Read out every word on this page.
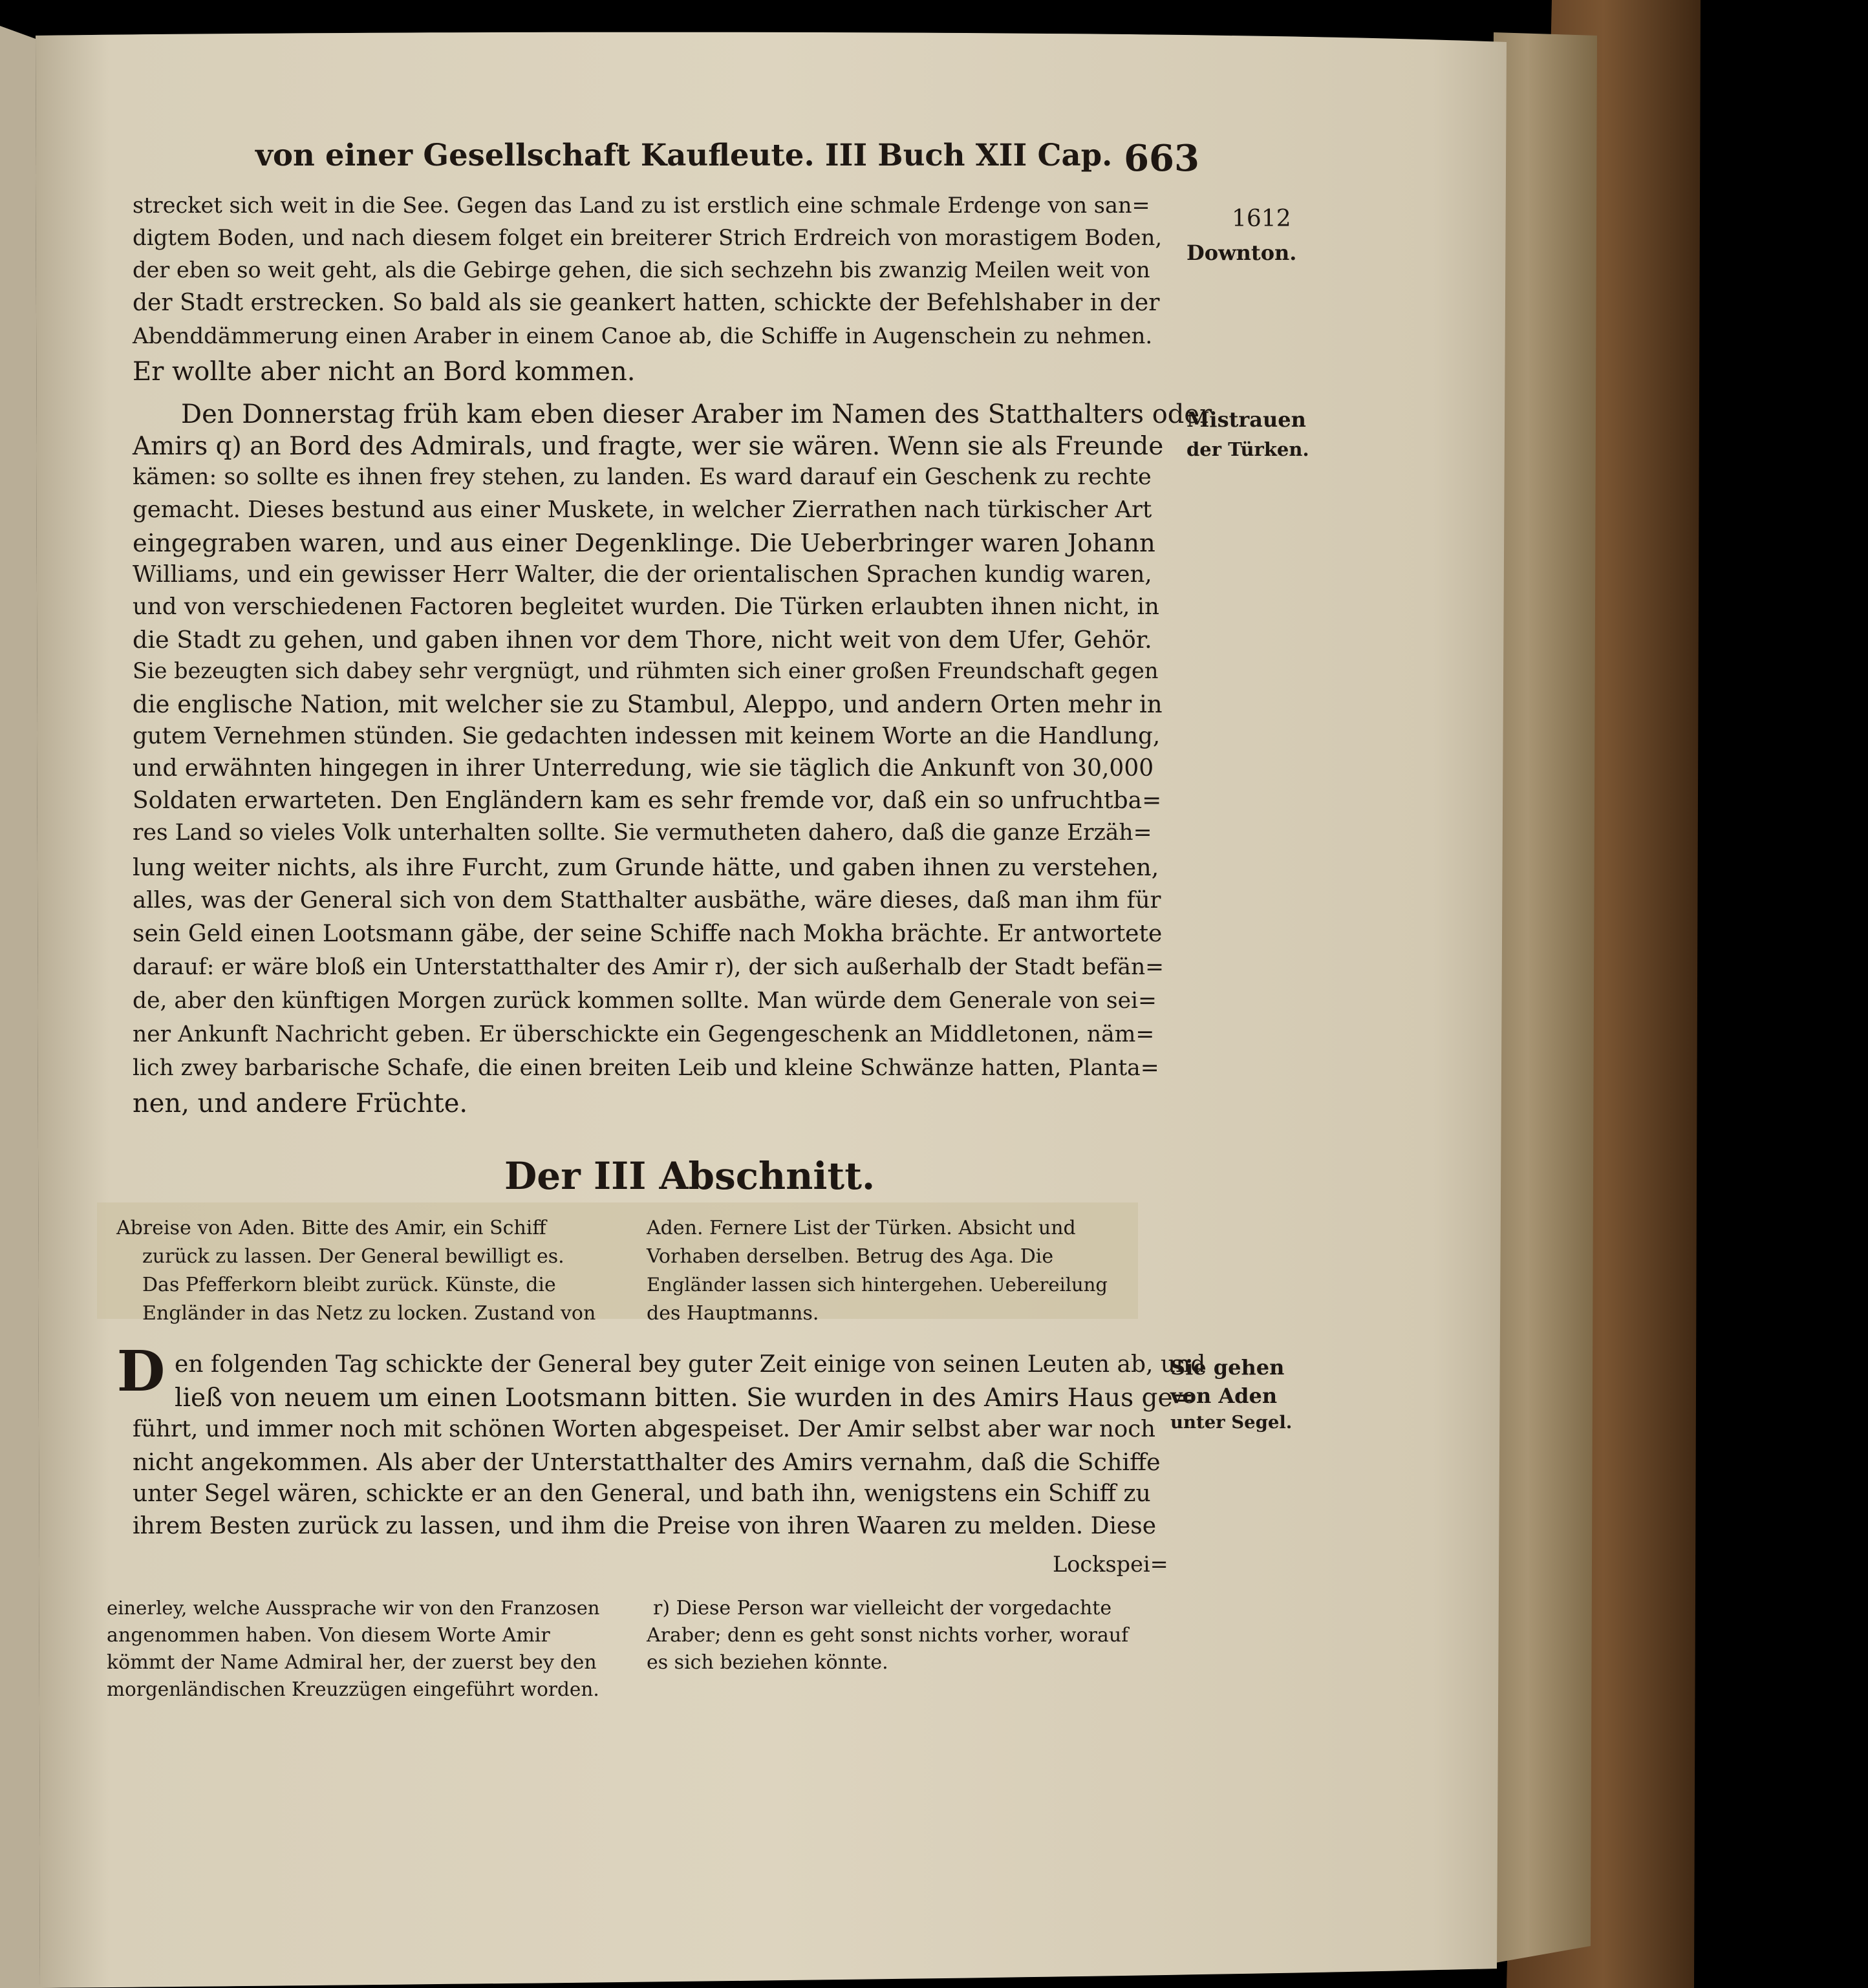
von einer Gesellschaft Kaufleute. III Buch XII Cap. 663
strecket sich weit in die See. Gegen das Land zu ist erstlich eine schmale Erdenge von san=
digtem Boden, und nach diesem folget ein breiterer Strich Erdreich von morastigem Boden,
der eben so weit geht, als die Gebirge gehen, die sich sechzehn bis zwanzig Meilen weit von
der Stadt erstrecken. So bald als sie geankert hatten, schickte der Befehlshaber in der
Abenddämmerung einen Araber in einem Canoe ab, die Schiffe in Augenschein zu nehmen.
Er wollte aber nicht an Bord kommen.
Den Donnerstag früh kam eben dieser Araber im Namen des Statthalters oder
Amirs q) an Bord des Admirals, und fragte, wer sie wären. Wenn sie als Freunde
kämen: so sollte es ihnen frey stehen, zu landen. Es ward darauf ein Geschenk zu rechte
gemacht. Dieses bestund aus einer Muskete, in welcher Zierrathen nach türkischer Art
eingegraben waren, und aus einer Degenklinge. Die Ueberbringer waren Johann
Williams, und ein gewisser Herr Walter, die der orientalischen Sprachen kundig waren,
und von verschiedenen Factoren begleitet wurden. Die Türken erlaubten ihnen nicht, in
die Stadt zu gehen, und gaben ihnen vor dem Thore, nicht weit von dem Ufer, Gehör.
Sie bezeugten sich dabey sehr vergnügt, und rühmten sich einer großen Freundschaft gegen
die englische Nation, mit welcher sie zu Stambul, Aleppo, und andern Orten mehr in
gutem Vernehmen stünden. Sie gedachten indessen mit keinem Worte an die Handlung,
und erwähnten hingegen in ihrer Unterredung, wie sie täglich die Ankunft von 30,000
Soldaten erwarteten. Den Engländern kam es sehr fremde vor, daß ein so unfruchtba=
res Land so vieles Volk unterhalten sollte. Sie vermutheten dahero, daß die ganze Erzäh=
lung weiter nichts, als ihre Furcht, zum Grunde hätte, und gaben ihnen zu verstehen,
alles, was der General sich von dem Statthalter ausbäthe, wäre dieses, daß man ihm für
sein Geld einen Lootsmann gäbe, der seine Schiffe nach Mokha brächte. Er antwortete
darauf: er wäre bloß ein Unterstatthalter des Amir r), der sich außerhalb der Stadt befän=
de, aber den künftigen Morgen zurück kommen sollte. Man würde dem Generale von sei=
ner Ankunft Nachricht geben. Er überschickte ein Gegengeschenk an Middletonen, näm=
lich zwey barbarische Schafe, die einen breiten Leib und kleine Schwänze hatten, Planta=
nen, und andere Früchte.
1612
Downton.
Mistrauen
der Türken.
Sie gehen
von Aden
unter Segel.
Der III Abschnitt.
Abreise von Aden. Bitte des Amir, ein Schiff
zurück zu lassen. Der General bewilligt es.
Das Pfefferkorn bleibt zurück. Künste, die
Engländer in das Netz zu locken. Zustand von
Aden. Fernere List der Türken. Absicht und
Vorhaben derselben. Betrug des Aga. Die
Engländer lassen sich hintergehen. Uebereilung
des Hauptmanns.
D en folgenden Tag schickte der General bey guter Zeit einige von seinen Leuten ab, und
ließ von neuem um einen Lootsmann bitten. Sie wurden in des Amirs Haus ge=
führt, und immer noch mit schönen Worten abgespeiset. Der Amir selbst aber war noch
nicht angekommen. Als aber der Unterstatthalter des Amirs vernahm, daß die Schiffe
unter Segel wären, schickte er an den General, und bath ihn, wenigstens ein Schiff zu
ihrem Besten zurück zu lassen, und ihm die Preise von ihren Waaren zu melden. Diese
Lockspei=
einerley, welche Aussprache wir von den Franzosen
angenommen haben. Von diesem Worte Amir
kömmt der Name Admiral her, der zuerst bey den
morgenländischen Kreuzzügen eingeführt worden.
r) Diese Person war vielleicht der vorgedachte
Araber; denn es geht sonst nichts vorher, worauf
es sich beziehen könnte.
